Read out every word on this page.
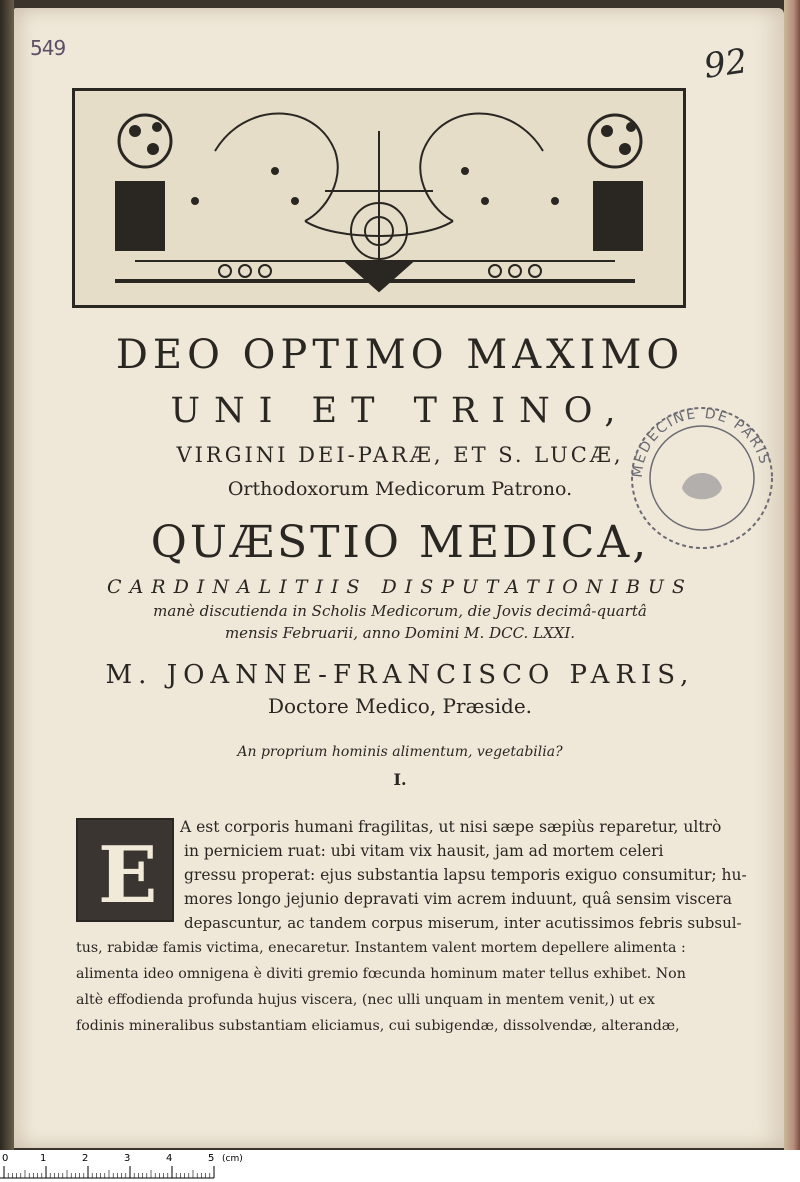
549	92
DEO OPTIMO MAXIMO
UNI ET TRINO,
VIRGINI DEI-PARÆ, ET S. LUCÆ,
Orthodoxorum Medicorum Patrono.
QUÆSTIO MEDICA,
CARDINALITIIS DISPUTATIONIBUS
manè discutienda in Scholis Medicorum, die Jovis decimâ-quartâ
mensis Februarii, anno Domini M. DCC. LXXI.
M. JOANNE-FRANCISCO PARIS,
Doctore Medico, Præside.
An proprium hominis alimentum, vegetabilia?
I.
MEDECINE DE PARIS
E
A est corporis humani fragilitas, ut nisi sæpe sæpiùs reparetur, ultrò
in perniciem ruat: ubi vitam vix hausit, jam ad mortem celeri
gressu properat: ejus substantia lapsu temporis exiguo consumitur; hu-
mores longo jejunio depravati vim acrem induunt, quâ sensim viscera
depascuntur, ac tandem corpus miserum, inter acutissimos febris subsul-
tus, rabidæ famis victima, enecaretur. Instantem valent mortem depellere alimenta :
alimenta ideo omnigena è diviti gremio fœcunda hominum mater tellus exhibet. Non
altè effodienda profunda hujus viscera, (nec ulli unquam in mentem venit,) ut ex
fodinis mineralibus substantiam eliciamus, cui subigendæ, dissolvendæ, alterandæ,
0	1	2	3	4	5 (cm)
